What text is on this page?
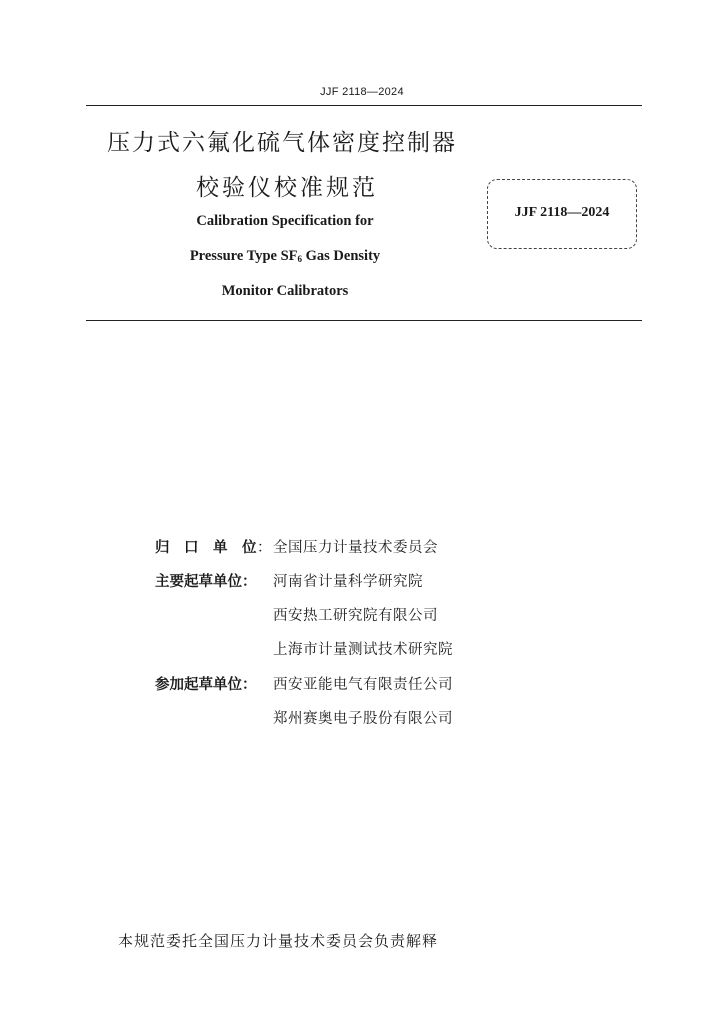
JJF 2118—2024
压力式六氟化硫气体密度控制器
校验仪校准规范
Calibration Specification for
Pressure Type $SF_6$ Gas Density
Monitor Calibrators
JJF 2118—2024
归 口 单 位 ： 全国压力计量技术委员会
主要起草单位：	河南省计量科学研究院
西安热工研究院有限公司
上海市计量测试技术研究院
参加起草单位：	西安亚能电气有限责任公司
郑州赛奥电子股份有限公司
本规范委托全国压力计量技术委员会负责解释
